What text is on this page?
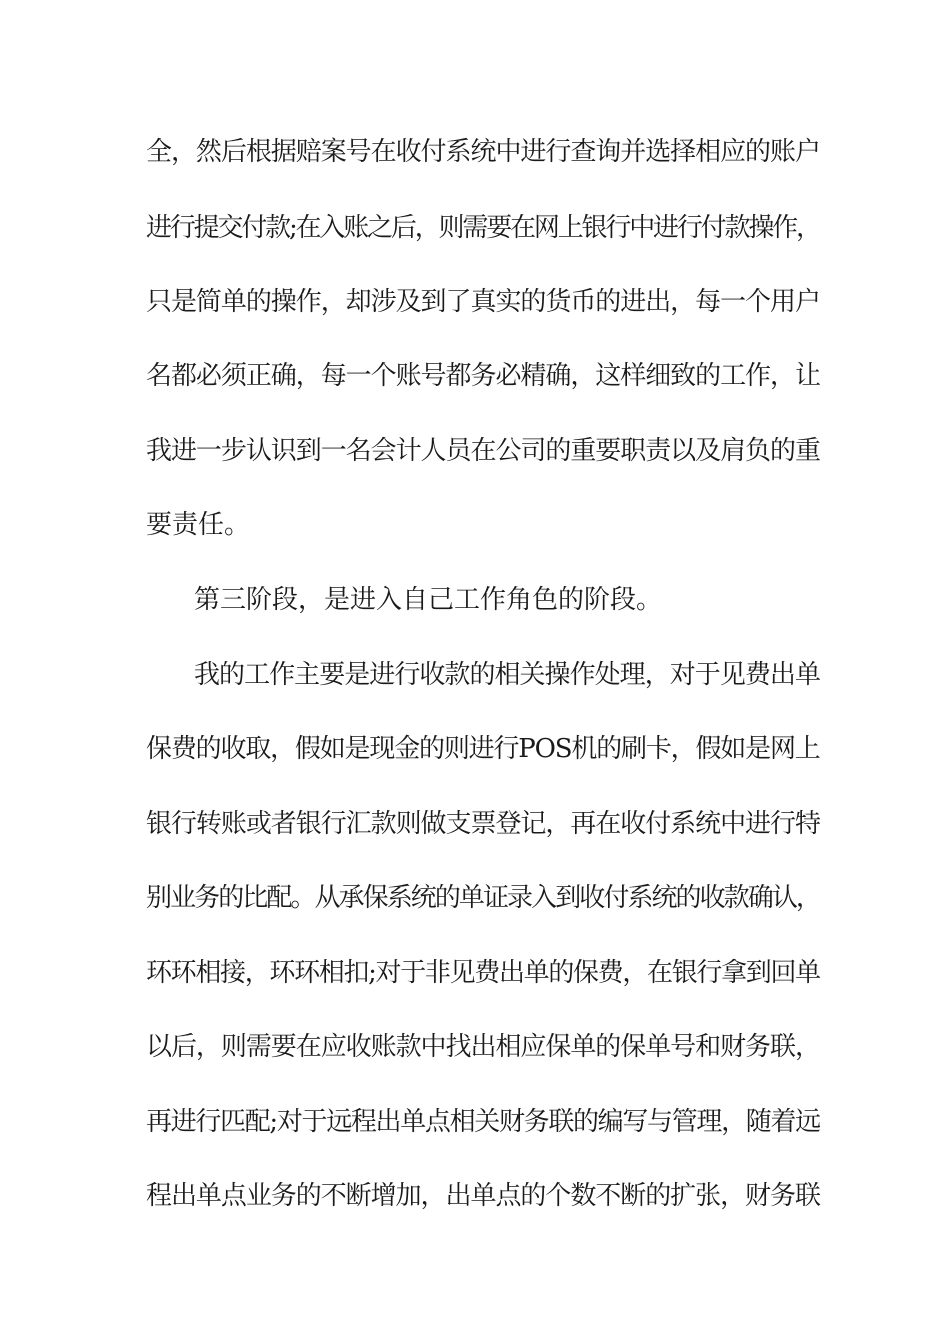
全，然后根据赔案号在收付系统中进行查询并选择相应的账户
进行提交付款;在入账之后，则需要在网上银行中进行付款操作，
只是简单的操作，却涉及到了真实的货币的进出，每一个用户
名都必须正确，每一个账号都务必精确，这样细致的工作，让
我进一步认识到一名会计人员在公司的重要职责以及肩负的重
要责任。
第三阶段，是进入自己工作角色的阶段。
我的工作主要是进行收款的相关操作处理，对于见费出单
保费的收取，假如是现金的则进行POS机的刷卡，假如是网上
银行转账或者银行汇款则做支票登记，再在收付系统中进行特
别业务的比配。从承保系统的单证录入到收付系统的收款确认，
环环相接，环环相扣;对于非见费出单的保费，在银行拿到回单
以后，则需要在应收账款中找出相应保单的保单号和财务联，
再进行匹配;对于远程出单点相关财务联的编写与管理，随着远
程出单点业务的不断增加，出单点的个数不断的扩张，财务联
